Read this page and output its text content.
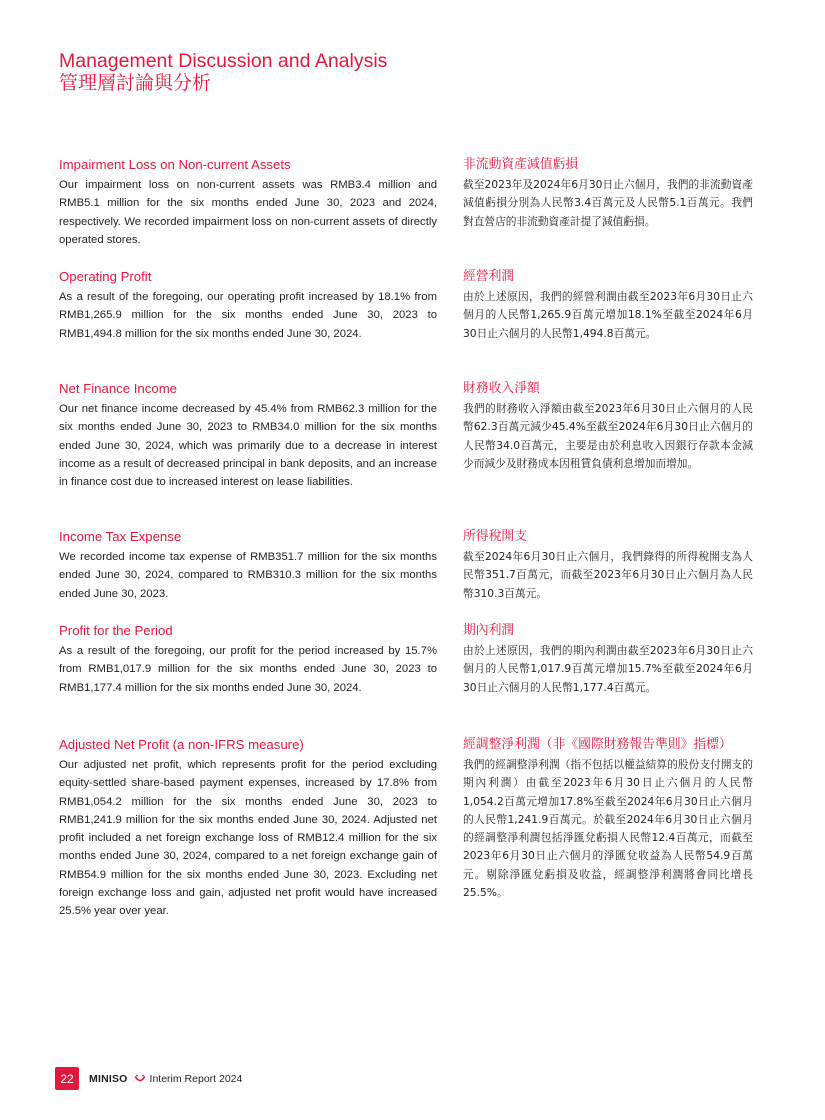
Management Discussion and Analysis
管理層討論與分析
Impairment Loss on Non-current Assets

Our impairment loss on non-current assets was RMB3.4 million and RMB5.1 million for the six months ended June 30, 2023 and 2024, respectively. We recorded impairment loss on non-current assets of directly operated stores.

Operating Profit

As a result of the foregoing, our operating profit increased by 18.1% from RMB1,265.9 million for the six months ended June 30, 2023 to RMB1,494.8 million for the six months ended June 30, 2024.

Net Finance Income

Our net finance income decreased by 45.4% from RMB62.3 million for the six months ended June 30, 2023 to RMB34.0 million for the six months ended June 30, 2024, which was primarily due to a decrease in interest income as a result of decreased principal in bank deposits, and an increase in finance cost due to increased interest on lease liabilities.

Income Tax Expense

We recorded income tax expense of RMB351.7 million for the six months ended June 30, 2024, compared to RMB310.3 million for the six months ended June 30, 2023.

Profit for the Period

As a result of the foregoing, our profit for the period increased by 15.7% from RMB1,017.9 million for the six months ended June 30, 2023 to RMB1,177.4 million for the six months ended June 30, 2024.

Adjusted Net Profit (a non-IFRS measure)

Our adjusted net profit, which represents profit for the period excluding equity-settled share-based payment expenses, increased by 17.8% from RMB1,054.2 million for the six months ended June 30, 2023 to RMB1,241.9 million for the six months ended June 30, 2024. Adjusted net profit included a net foreign exchange loss of RMB12.4 million for the six months ended June 30, 2024, compared to a net foreign exchange gain of RMB54.9 million for the six months ended June 30, 2023. Excluding net foreign exchange loss and gain, adjusted net profit would have increased 25.5% year over year.

非流動資產減值虧損

截至2023年及2024年6月30日止六個月，我們的非流動資產減值虧損分別為人民幣3.4百萬元及人民幣5.1百萬元。我們對直營店的非流動資產計提了減值虧損。

經營利潤

由於上述原因，我們的經營利潤由截至2023年6月30日止六個月的人民幣1,265.9百萬元增加18.1%至截至2024年6月30日止六個月的人民幣1,494.8百萬元。

財務收入淨額

我們的財務收入淨額由截至2023年6月30日止六個月的人民幣62.3百萬元減少45.4%至截至2024年6月30日止六個月的人民幣34.0百萬元，主要是由於利息收入因銀行存款本金減少而減少及財務成本因租賃負債利息增加而增加。

所得稅開支

截至2024年6月30日止六個月，我們錄得的所得稅開支為人民幣351.7百萬元，而截至2023年6月30日止六個月為人民幣310.3百萬元。

期內利潤

由於上述原因，我們的期內利潤由截至2023年6月30日止六個月的人民幣1,017.9百萬元增加15.7%至截至2024年6月30日止六個月的人民幣1,177.4百萬元。

經調整淨利潤（非《國際財務報告準則》指標）

我們的經調整淨利潤（指不包括以權益結算的股份支付開支的期內利潤）由截至2023年6月30日止六個月的人民幣1,054.2百萬元增加17.8%至截至2024年6月30日止六個月的人民幣1,241.9百萬元。於截至2024年6月30日止六個月的經調整淨利潤包括淨匯兌虧損人民幣12.4百萬元，而截至2023年6月30日止六個月的淨匯兌收益為人民幣54.9百萬元。剔除淨匯兌虧損及收益，經調整淨利潤將會同比增長25.5%。

22	MINISO Interim Report 2024
